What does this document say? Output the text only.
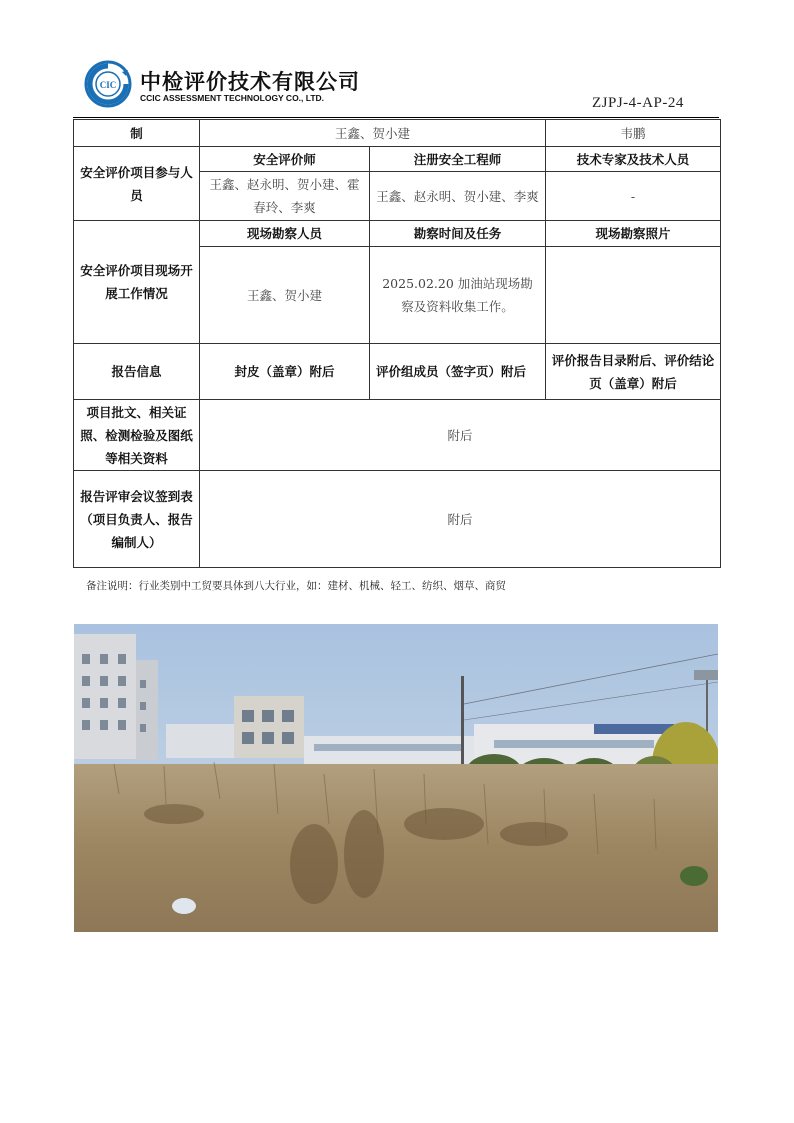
CIC 中检评价技术有限公司
CCIC ASSESSMENT TECHNOLOGY CO., LTD.	ZJPJ-4-AP-24
制	王鑫、贺小建		韦鹏
安全评价项目参与人员	安全评价师	注册安全工程师	技术专家及技术人员
	王鑫、赵永明、贺小建、霍春玲、李爽	王鑫、赵永明、贺小建、李爽	-
安全评价项目现场开展工作情况	现场勘察人员	勘察时间及任务	现场勘察照片
	王鑫、贺小建	2025.02.20 加油站现场勘察及资料收集工作。	
报告信息	封皮（盖章）附后	评价组成员（签字页）附后	评价报告目录附后、评价结论页（盖章）附后
项目批文、相关证照、检测检验及图纸等相关资料	附后		
报告评审会议签到表（项目负责人、报告编制人）	附后		
备注说明：行业类别中工贸要具体到八大行业，如：建材、机械、轻工、纺织、烟草、商贸
